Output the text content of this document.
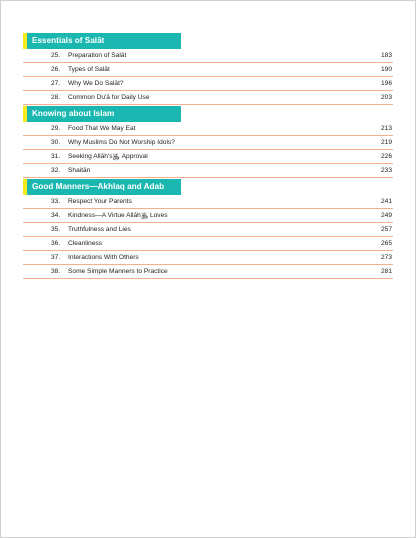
Essentials of Salāt
25. Preparation of Salāt	183
26. Types of Salāt	190
27. Why We Do Salāt?	196
28. Common Du'ā for Daily Use	203
Knowing about Islam
29. Food That We May Eat	213
30. Why Muslims Do Not Worship Idols?	219
31. Seeking Allāh's﷿ Approval	226
32. Shaitān	233
Good Manners—Akhlaq and Adab
33. Respect Your Parents	241
34. Kindness—A Virtue Allāh﷿ Loves	249
35. Truthfulness and Lies	257
36. Cleanliness	265
37. Interactions With Others	273
38. Some Simple Manners to Practice	281
